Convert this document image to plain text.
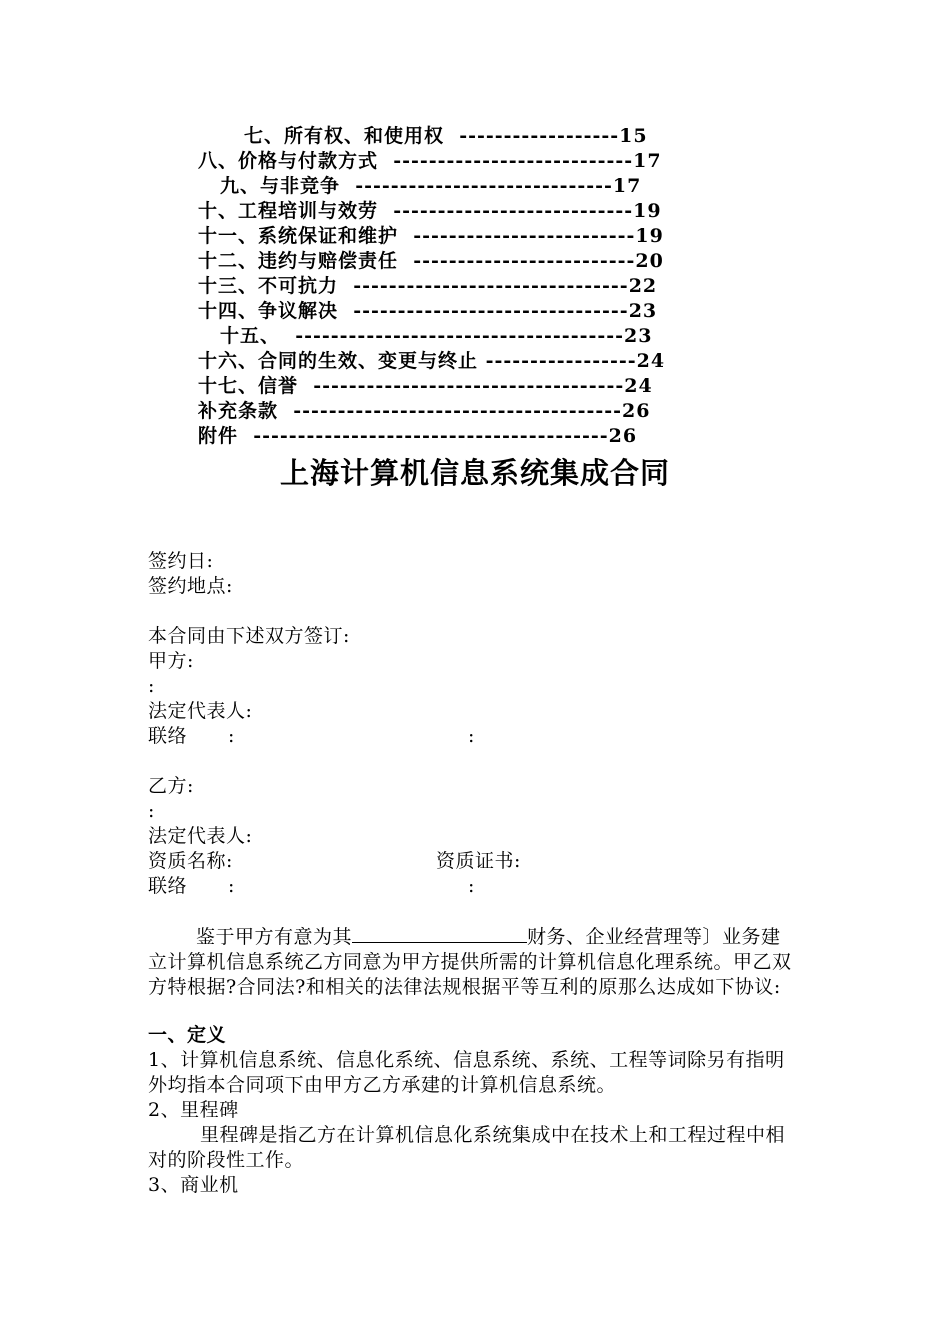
七、所有权、和使用权  ------------------15
八、价格与付款方式  ---------------------------17
九、与非竞争  -----------------------------17
十、工程培训与效劳  ---------------------------19
十一、系统保证和维护  -------------------------19
十二、违约与赔偿责任  -------------------------20
十三、不可抗力  -------------------------------22
十四、争议解决  -------------------------------23
十五、  -------------------------------------23
十六、合同的生效、变更与终止 -----------------24
十七、信誉  -----------------------------------24
补充条款  -------------------------------------26
附件  ----------------------------------------26
上海计算机信息系统集成合同
签约日:
签约地点:
本合同由下述双方签订:
甲方:
:
法定代表人:
联络 :	:
乙方:
:
法定代表人:
资质名称:	资质证书:
联络 :	:
鉴于甲方有意为其	财务、企业经营理等〕业务建立计算机信息系统乙方同意为甲方提供所需的计算机信息化理系统。甲乙双方特根据?合同法?和相关的法律法规根据平等互利的原那么达成如下协议:
一、定义
1、计算机信息系统、信息化系统、信息系统、系统、工程等词除另有指明外均指本合同项下由甲方乙方承建的计算机信息系统。
2、里程碑
里程碑是指乙方在计算机信息化系统集成中在技术上和工程过程中相对的阶段性工作。
3、商业机
